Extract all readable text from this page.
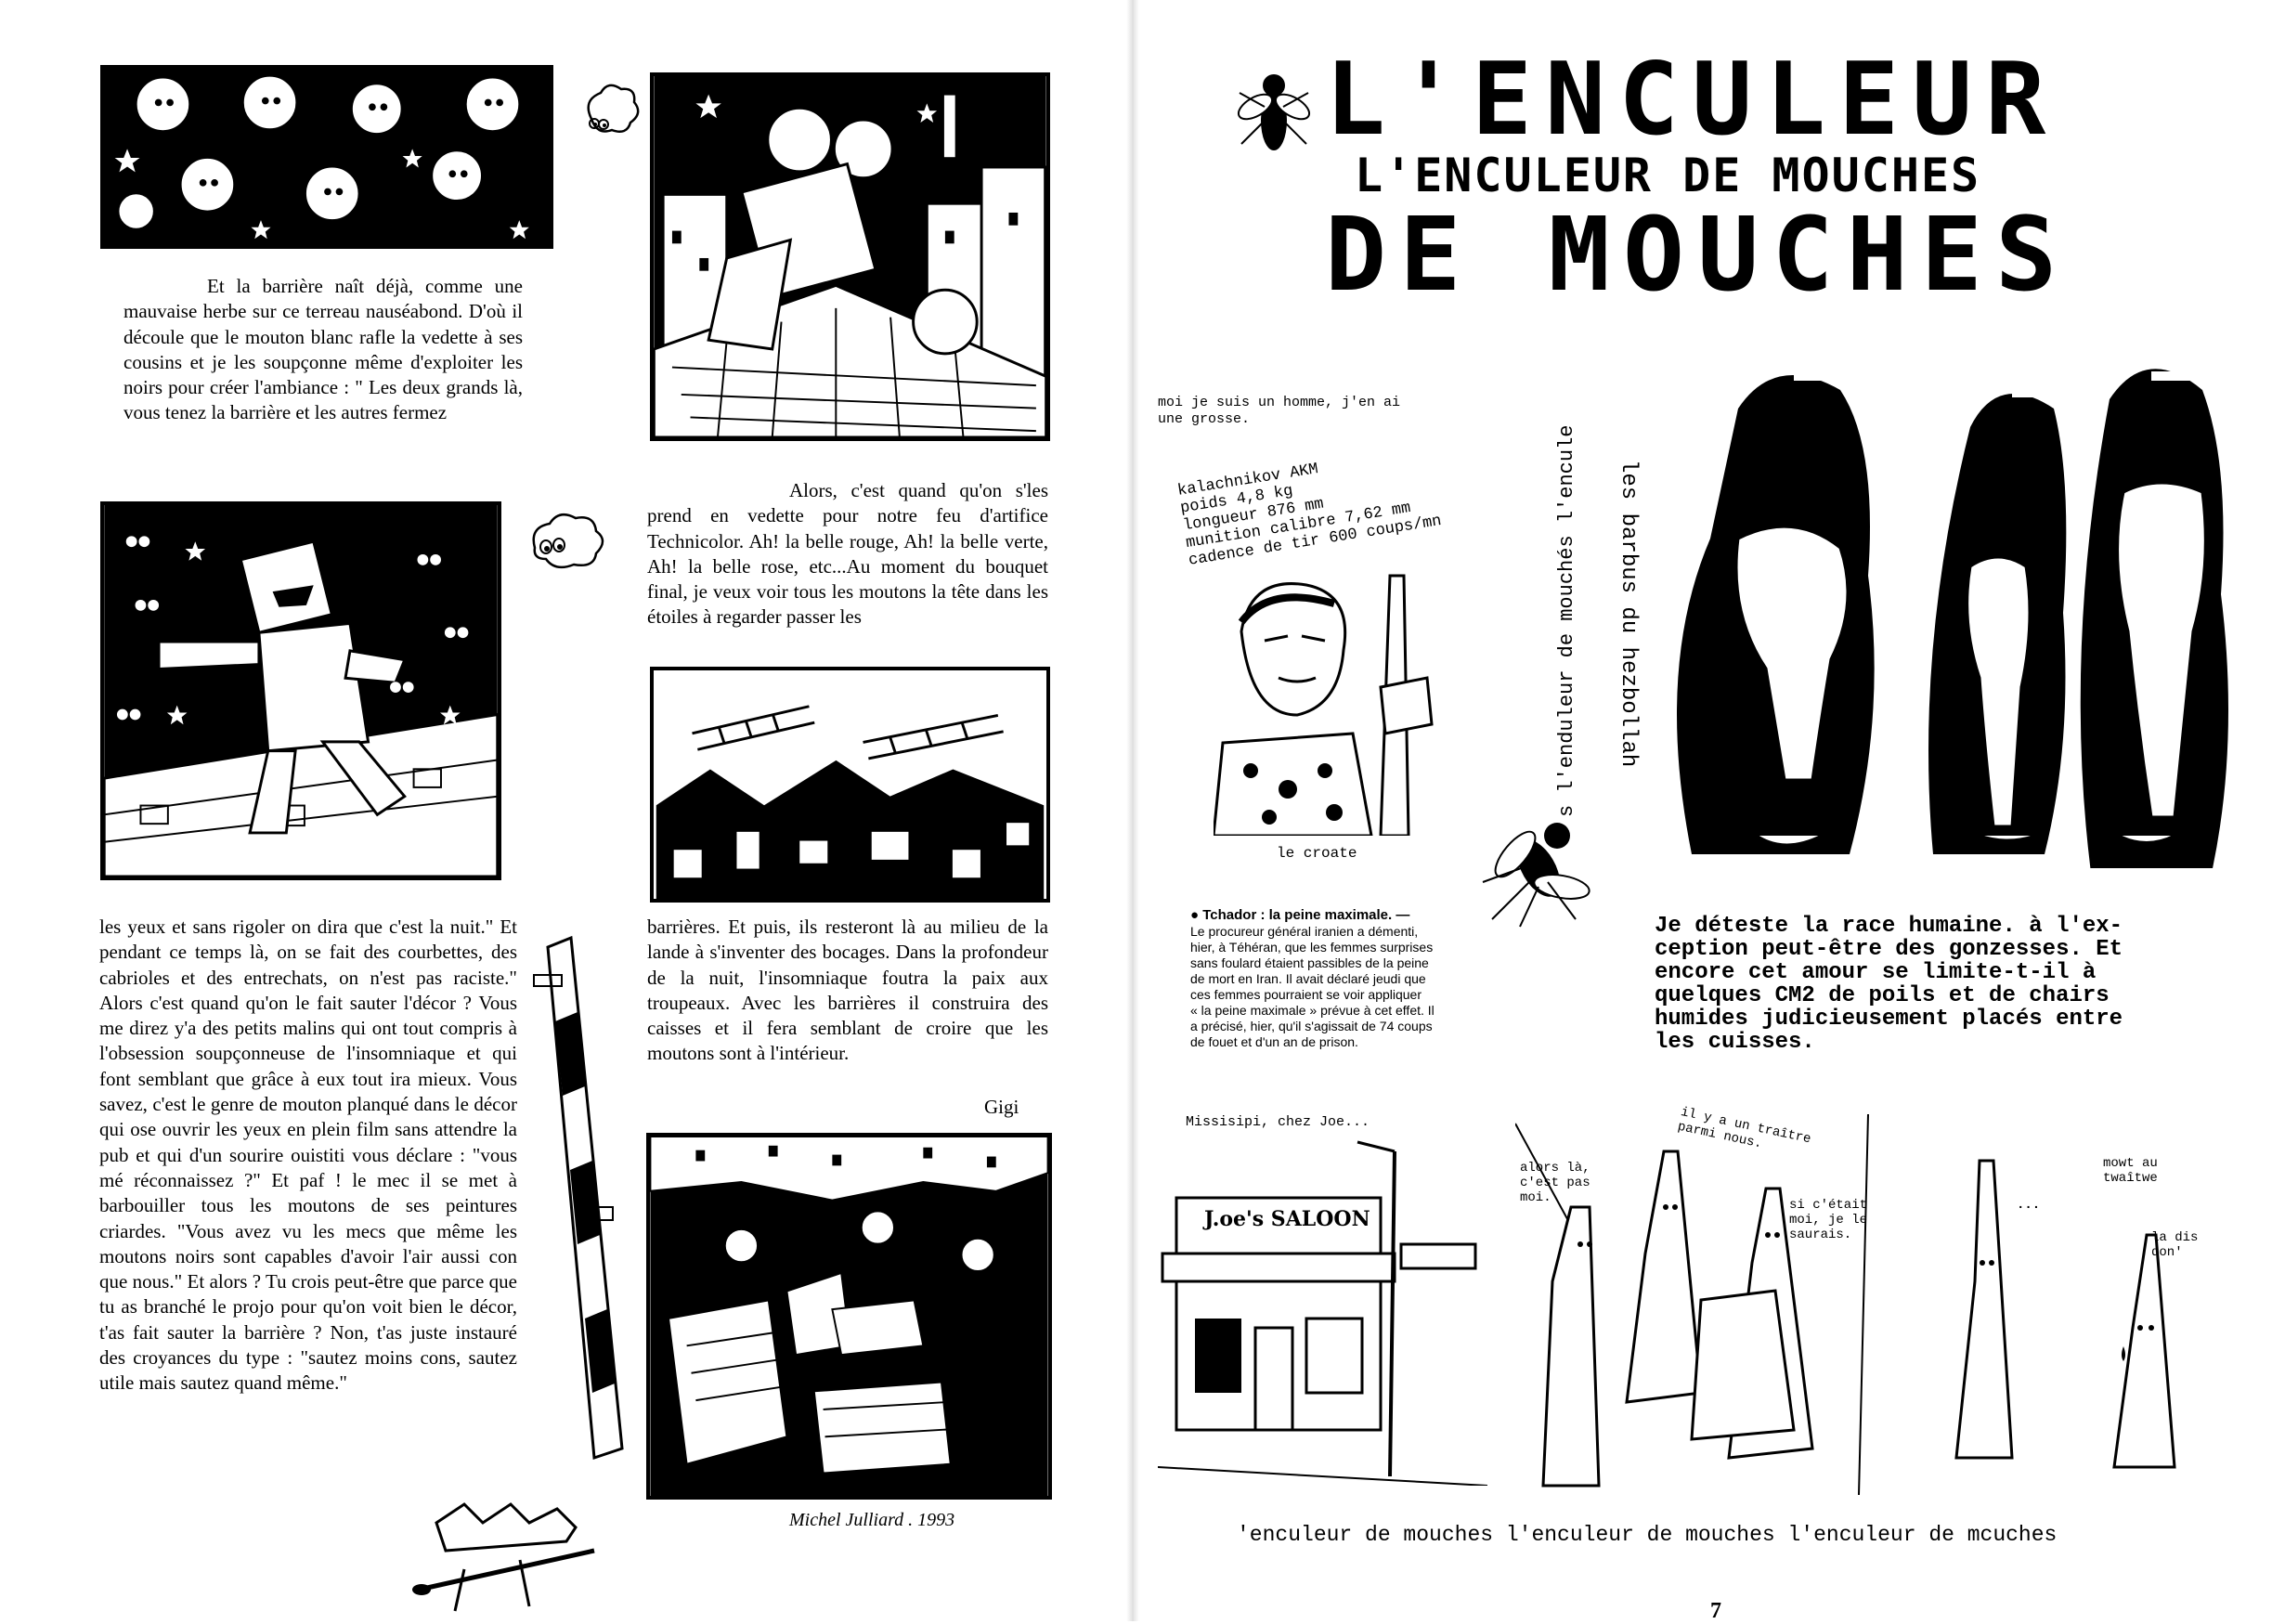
Et la barrière naît déjà, comme une mauvaise herbe sur ce terreau nauséabond. D'où il découle que le mouton blanc rafle la vedette à ses cousins et je les soupçonne même d'exploiter les noirs pour créer l'ambiance : " Les deux grands là, vous tenez la barrière et les autres fermez
Alors, c'est quand qu'on s'les prend en vedette pour notre feu d'artifice Technicolor. Ah! la belle rouge, Ah! la belle verte, Ah! la belle rose, etc...Au moment du bouquet final, je veux voir tous les moutons la tête dans les étoiles à regarder passer les
les yeux et sans rigoler on dira que c'est la nuit." Et pendant ce temps là, on se fait des courbettes, des cabrioles et des entrechats, on n'est pas raciste." Alors c'est quand qu'on le fait sauter l'décor ? Vous me direz y'a des petits malins qui ont tout compris à l'obsession soupçonneuse de l'insomniaque et qui font semblant que grâce à eux tout ira mieux. Vous savez, c'est le genre de mouton planqué dans le décor qui ose ouvrir les yeux en plein film sans attendre la pub et qui d'un sourire ouistiti vous déclare : "vous mé réconnaissez ?" Et paf ! le mec il se met à barbouiller tous les moutons de ses peintures criardes. "Vous avez vu les mecs que même les moutons noirs sont capables d'avoir l'air aussi con que nous." Et alors ? Tu crois peut-être que parce que tu as branché le projo pour qu'on voit bien le décor, t'as fait sauter la barrière ? Non, t'as juste instauré des croyances du type : "sautez moins cons, sautez utile mais sautez quand même."
barrières. Et puis, ils resteront là au milieu de la lande à s'inventer des bocages. Dans la profondeur de la nuit, l'insomniaque foutra la paix aux troupeaux. Avec les barrières il construira des caisses et il fera semblant de croire que les moutons sont à l'intérieur.
Gigi
Michel Julliard . 1993
L'ENCULEUR
L'ENCULEUR DE MOUCHES
DE MOUCHES
moi je suis un homme, j'en ai
une grosse.
kalachnikov AKM
poids 4,8 kg
longueur 876 mm
munition calibre 7,62 mm
cadence de tir 600 coups/mn
le croate
s l'enduleur de mouchés l'encule les barbus du hezbollah
● Tchador : la peine maximale. —
Le procureur général iranien a démenti,
hier, à Téhéran, que les femmes surprises
sans foulard étaient passibles de la peine
de mort en Iran. Il avait déclaré jeudi que
ces femmes pourraient se voir appliquer
« la peine maximale » prévue à cet effet. Il
a précisé, hier, qu'il s'agissait de 74 coups
de fouet et d'un an de prison.
Je déteste la race humaine. à l'ex-
ception peut-être des gonzesses. Et
encore cet amour se limite-t-il à
quelques CM2 de poils et de chairs
humides judicieusement placés entre
les cuisses.
Missisipi, chez Joe...
J.oe's SALOON
alors là,
c'est pas
moi.
il y a un traître
parmi nous.
si c'était
moi, je le
saurais.
...
mowt au
twaîtwe
la dis
don'
'enculeur de mouches l'enculeur de mouches l'enculeur de mcuches
7
